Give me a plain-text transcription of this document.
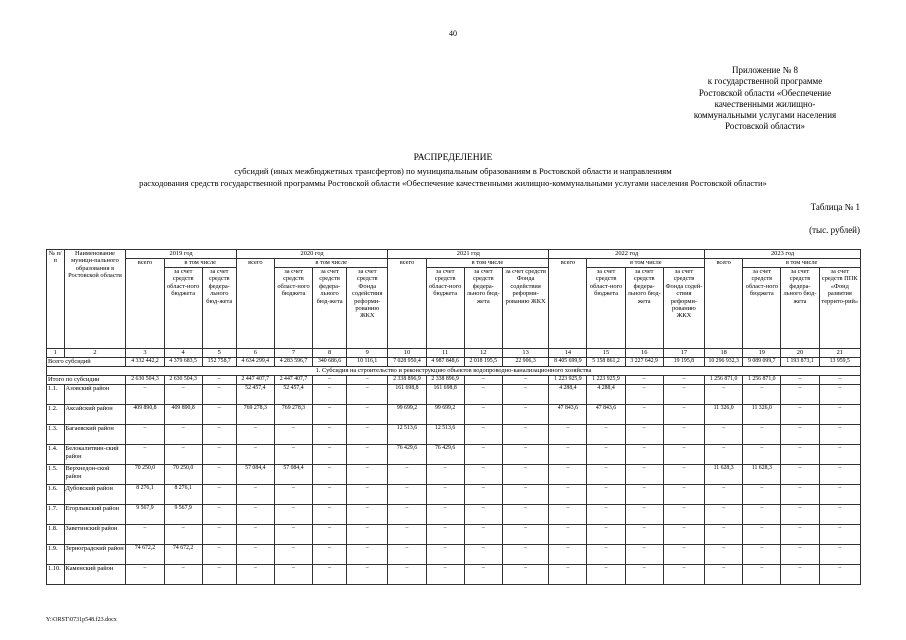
40
Приложение № 8
к государственной программе
Ростовской области «Обеспечение
качественными жилищно-
коммунальными услугами населения
Ростовской области»
РАСПРЕДЕЛЕНИЕ
субсидий (иных межбюджетных трансфертов) по муниципальным образованиям в Ростовской области и направлениям
расходования средств государственной программы Ростовской области «Обеспечение качественными жилищно-коммунальными услугами населения Ростовской области»
Таблица № 1
(тыс. рублей)
№ п/п	Наименование муници-пального образования в Ростовской области	2019 год			2020 год				2021 год				2022 год				2023 год			
		всего	в том числе		всего	в том числе			всего	в том числе			всего	в том числе			всего	в том числе		
			за счет средств област-ного бюджета	за счет средств федера-льного бюд-жета		за счет средств област-ного бюджета	за счет средств федера-льного бюд-жета	за счет средств Фонда содействия реформи-рованию ЖКХ		за счет средств област-ного бюджета	за счет средств федера-льного бюд-жета	за счет средств Фонда содействия реформи-рованию ЖКХ		за счет средств област-ного бюджета	за счет средств федера-льного бюд-жета	за счет средств Фонда содей-ствия реформи-рованию ЖКХ		за счет средств област-ного бюджета	за счет средств федера-льного бюд-жета	за счет средств ППК «Фонд развития террито-рий»
1	2	3	4	5	6	7	8	9	10	11	12	13	14	15	16	17	18	19	20	21
Всего субсидий		4 332 442,2	4 379 683,5	152 758,7	4 634 299,4	4 283 596,7	340 686,6	10 116,1	7 028 950,4	4 987 848,6	2 018 195,5	22 906,3	8 405 699,9	5 158 861,2	3 227 642,9	19 195,8	10 296 932,3	9 089 099,7	1 193 873,1	13 959,5
1. Субсидия на строительство и реконструкцию объектов водопроводно-канализационного хозяйства																				
Итого по субсидии		2 630 504,3	2 630 504,3	–	2 447 407,7	2 447 407,7	–	–	2 338 896,9	2 338 896,9	–	–	1 223 925,9	1 223 925,9	–	–	1 256 871,0	1 256 871,0	–	–
1.1.	Азовский район	–	–	–	52 457,4	52 457,4	–	–	161 698,8	161 698,8	–	–	4 288,4	4 288,4	–	–	–	–	–	–
1.2.	Аксайский район	409 890,8	409 890,8	–	769 278,3	769 278,3	–	–	99 699,2	99 699,2	–	–	47 843,6	47 843,6	–	–	11 326,0	11 326,0	–	–
1.3.	Багаевский район	–	–	–	–	–	–	–	12 513,6	12 513,6	–	–	–	–	–	–	–	–	–	–
1.4.	Белокалитвин-ский район	–	–	–	–	–	–	–	76 429,6	76 429,6	–	–	–	–	–	–	–	–	–	–
1.5.	Верхнедон-ской район	70 250,0	70 250,0	–	57 084,4	57 084,4	–	–	–	–	–	–	–	–	–	–	11 628,3	11 628,3	–	–
1.6.	Дубовский район	8 276,1	8 276,1	–	–	–	–	–	–	–	–	–	–	–	–	–	–	–	–	–
1.7.	Егорлыкский район	9 567,9	9 567,9	–	–	–	–	–	–	–	–	–	–	–	–	–	–	–	–	–
1.8.	Заветинский район	–	–	–	–	–	–	–	–	–	–	–	–	–	–	–	–	–	–	–
1.9.	Зерноградский район	74 672,2	74 672,2	–	–	–	–	–	–	–	–	–	–	–	–	–	–	–	–	–
1.10.	Каменский район	–	–	–	–	–	–	–	–	–	–	–	–	–	–	–	–	–	–	–
Y:\ORST\0731p548.f23.docx
